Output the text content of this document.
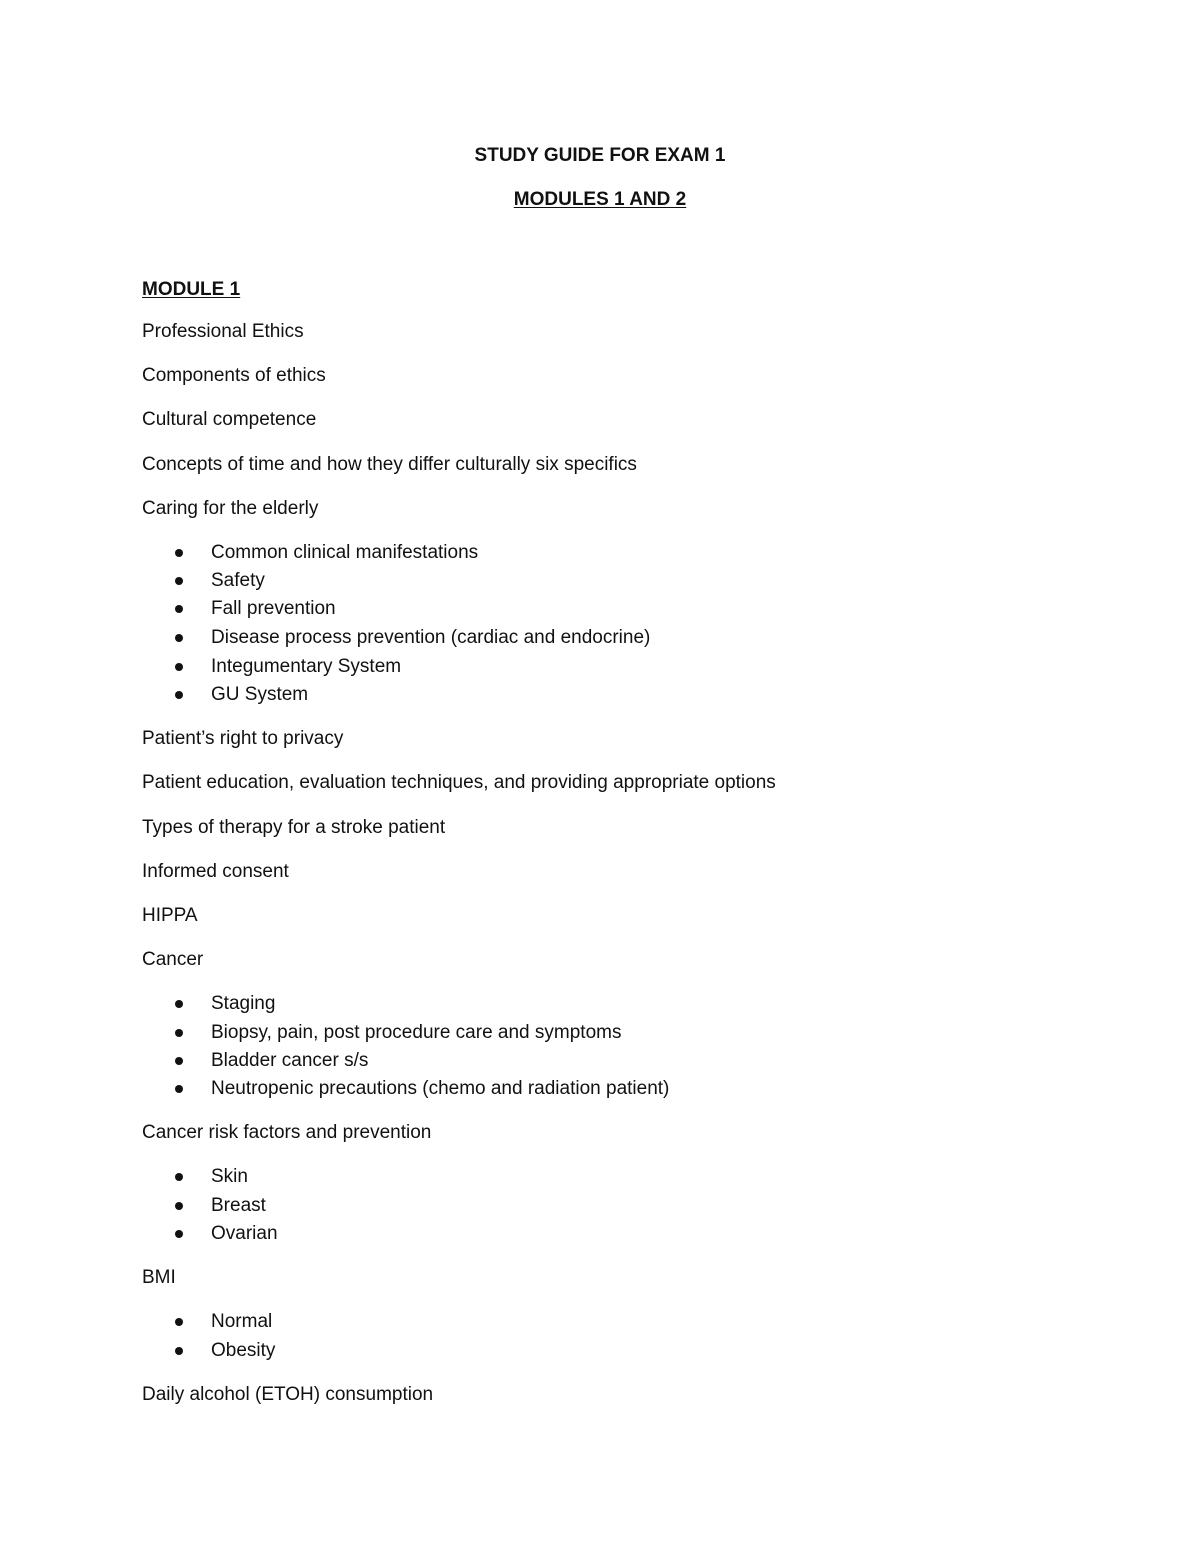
STUDY GUIDE FOR EXAM 1
MODULES 1 AND 2
MODULE 1
Professional Ethics
Components of ethics
Cultural competence
Concepts of time and how they differ culturally six specifics
Caring for the elderly
Common clinical manifestations
Safety
Fall prevention
Disease process prevention (cardiac and endocrine)
Integumentary System
GU System
Patient’s right to privacy
Patient education, evaluation techniques, and providing appropriate options
Types of therapy for a stroke patient
Informed consent
HIPPA
Cancer
Staging
Biopsy, pain, post procedure care and symptoms
Bladder cancer s/s
Neutropenic precautions (chemo and radiation patient)
Cancer risk factors and prevention
Skin
Breast
Ovarian
BMI
Normal
Obesity
Daily alcohol (ETOH) consumption
